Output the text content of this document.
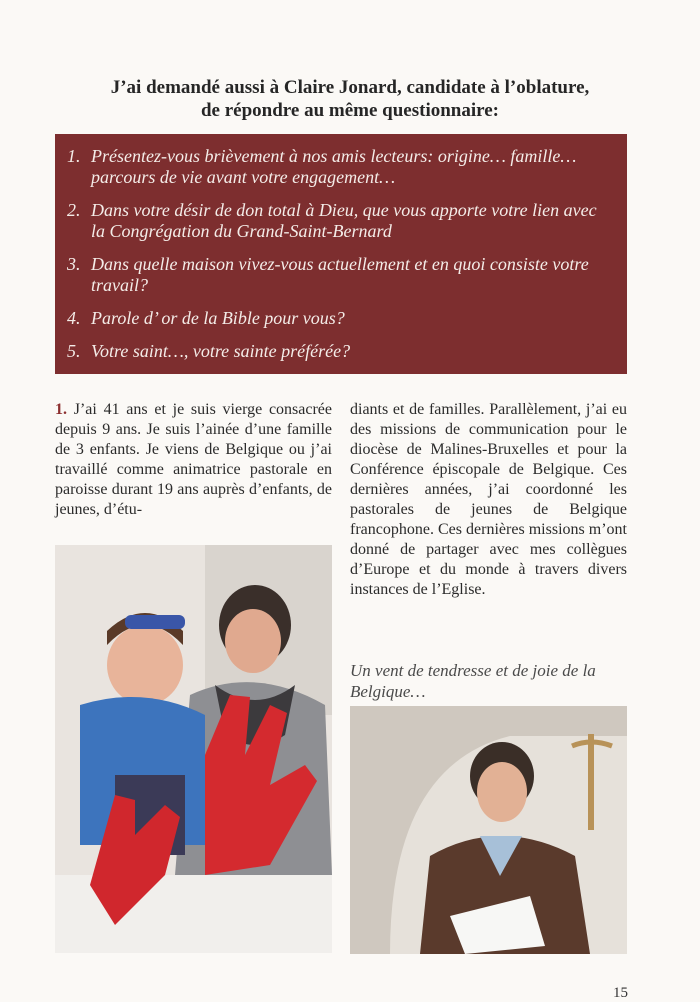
J’ai demandé aussi à Claire Jonard, candidate à l’oblature,
de répondre au même questionnaire:
1. Présentez-vous brièvement à nos amis lecteurs: origine… famille… parcours de vie avant votre engagement…
2. Dans votre désir de don total à Dieu, que vous apporte votre lien avec la Congrégation du Grand-Saint-Bernard
3. Dans quelle maison vivez-vous actuellement et en quoi consiste votre travail?
4. Parole d’ or de la Bible pour vous?
5. Votre saint…, votre sainte préférée?
1. J’ai 41 ans et je suis vierge consacrée depuis 9 ans. Je suis l’ainée d’une famille de 3 enfants. Je viens de Belgique ou j’ai travaillé comme animatrice pastorale en paroisse durant 19 ans auprès d’enfants, de jeunes, d’étu-
diants et de familles. Parallèlement, j’ai eu des missions de communication pour le diocèse de Malines-Bruxelles et pour la Conférence épiscopale de Belgique. Ces dernières années, j’ai coordonné les pastorales de jeunes de Belgique francophone. Ces dernières missions m’ont donné de partager avec mes collègues d’Europe et du monde à travers divers instances de l’Eglise.
Un vent de tendresse et de joie de la Belgique…
15
